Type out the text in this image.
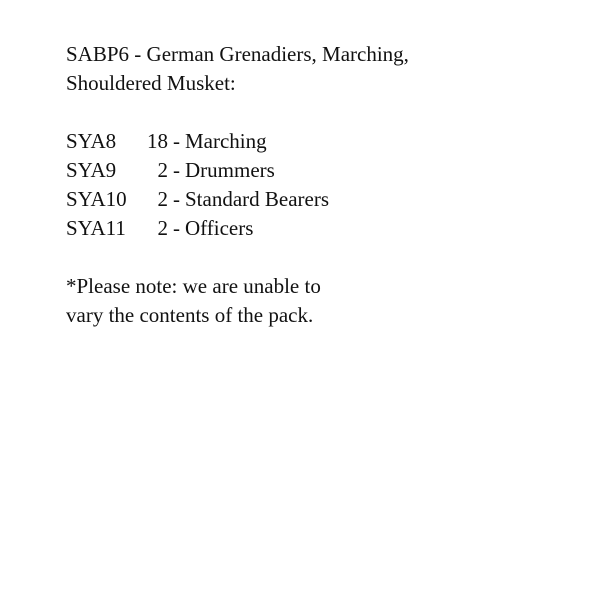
SABP6 - German Grenadiers, Marching,
Shouldered Musket:
SYA8	18 - Marching
SYA9	2 - Drummers
SYA10	2 - Standard Bearers
SYA11	2 - Officers
*Please note: we are unable to
vary the contents of the pack.
